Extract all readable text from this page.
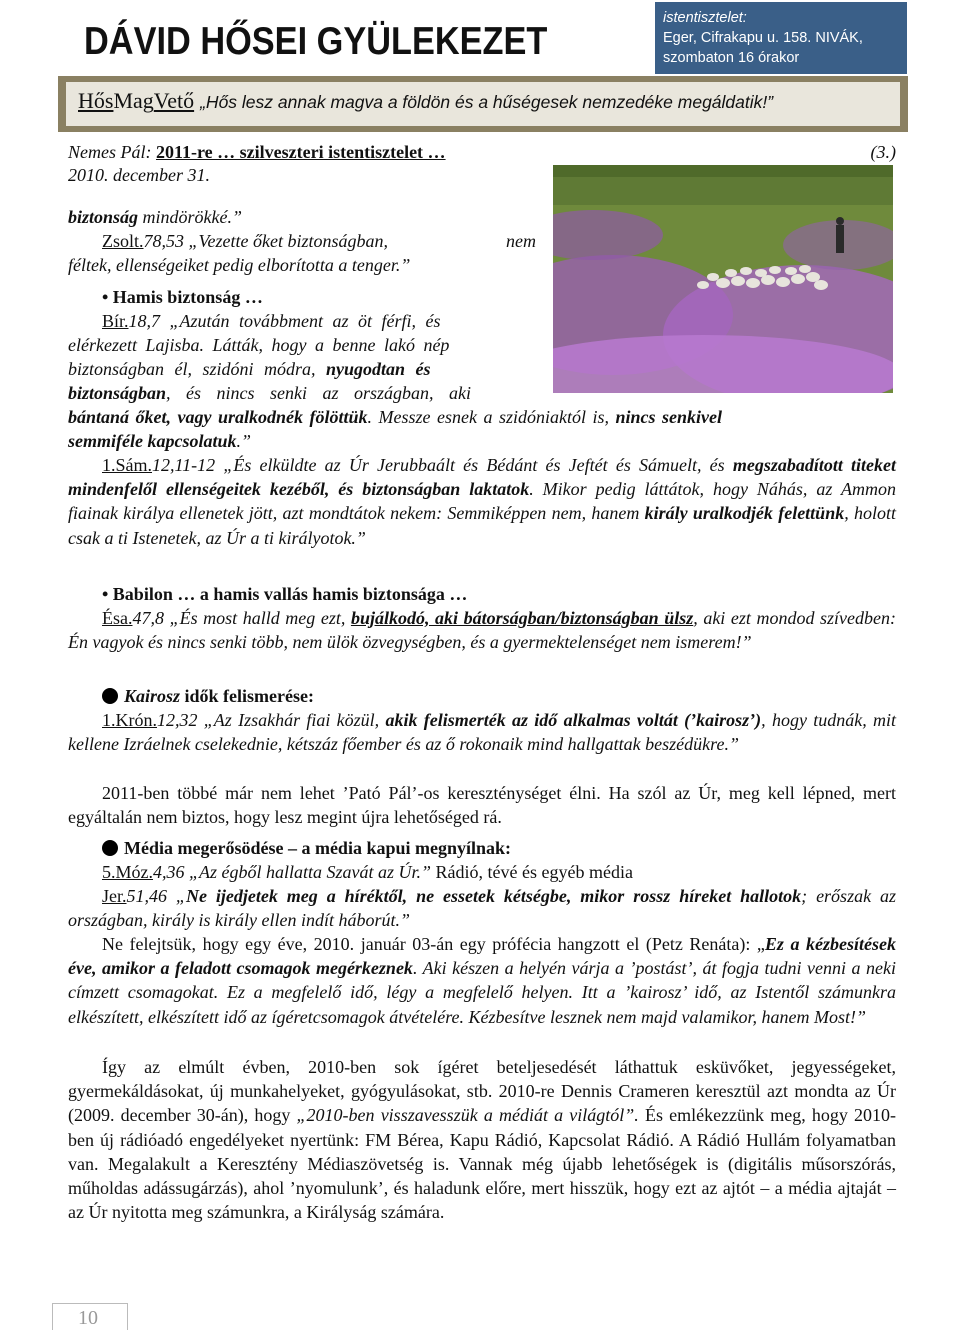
DÁVID HŐSEI GYÜLEKEZET
istentisztelet:
Eger, Cifrakapu u. 158. NIVÁK,
szombaton 16 órakor
HősMagVető „Hős lesz annak magva a földön és a hűségesek nemzedéke megáldatik!”
Nemes Pál: 2011-re … szilveszteri istentisztelet …	(3.)
2010. december 31.
biztonság mindörökké.”
Zsolt.78,53 „Vezette őket biztonságban,	nem
féltek, ellenségeiket pedig elborította a tenger.”
• Hamis biztonság …
Bír.18,7 „Azután továbbment az öt férfi, és
elérkezett Lajisba. Látták, hogy a benne lakó nép
biztonságban él, szidóni módra, nyugodtan és
biztonságban, és nincs senki az országban, aki
bántaná őket, vagy uralkodnék fölöttük. Messze esnek a szidóniaktól is, nincs senkivel
semmiféle kapcsolatuk.”
1.Sám.12,11-12 „És elküldte az Úr Jerubbaált és Bédánt és Jeftét és Sámuelt, és megszabadított titeket mindenfelől ellenségeitek kezéből, és biztonságban laktatok. Mikor pedig láttátok, hogy Náhás, az Ammon fiainak királya ellenetek jött, azt mondtátok nekem: Semmiképpen nem, hanem király uralkodjék felettünk, holott csak a ti Istenetek, az Úr a ti királyotok.”
• Babilon … a hamis vallás hamis biztonsága …
Ésa.47,8 „És most halld meg ezt, bujálkodó, aki bátorságban/biztonságban ülsz, aki ezt mondod szívedben: Én vagyok és nincs senki több, nem ülök özvegységben, és a gyermektelenséget nem ismerem!”
Kairosz idők felismerése:
1.Krón.12,32 „Az Izsakhár fiai közül, akik felismerték az idő alkalmas voltát (’kairosz’), hogy tudnák, mit kellene Izráelnek cselekednie, kétszáz főember és az ő rokonaik mind hallgattak beszédükre.”
2011-ben többé már nem lehet ’Pató Pál’-os kereszténységet élni. Ha szól az Úr, meg kell lépned, mert egyáltalán nem biztos, hogy lesz megint újra lehetőséged rá.
Média megerősödése – a média kapui megnyílnak:
5.Móz.4,36 „Az égből hallatta Szavát az Úr.” Rádió, tévé és egyéb média
Jer.51,46 „Ne ijedjetek meg a híréktől, ne essetek kétségbe, mikor rossz híreket hallotok; erőszak az országban, király is király ellen indít háborút.”
Ne felejtsük, hogy egy éve, 2010. január 03-án egy prófécia hangzott el (Petz Renáta): „Ez a kézbesítések éve, amikor a feladott csomagok megérkeznek. Aki készen a helyén várja a ’postást’, át fogja tudni venni a neki címzett csomagokat. Ez a megfelelő idő, légy a megfelelő helyen. Itt a ’kairosz’ idő, az Istentől számunkra elkészített, elkészített idő az ígéretcsomagok átvételére. Kézbesítve lesznek nem majd valamikor, hanem Most!”
Így az elmúlt évben, 2010-ben sok ígéret beteljesedését láthattuk esküvőket, jegyességeket, gyermekáldásokat, új munkahelyeket, gyógyulásokat, stb. 2010-re Dennis Crameren keresztül azt mondta az Úr (2009. december 30-án), hogy „2010-ben visszavesszük a médiát a világtól”. És emlékezzünk meg, hogy 2010-ben új rádióadó engedélyeket nyertünk: FM Bérea, Kapu Rádió, Kapcsolat Rádió. A Rádió Hullám folyamatban van. Megalakult a Keresztény Médiaszövetség is. Vannak még újabb lehetőségek is (digitális műsorszórás, műholdas adássugárzás), ahol ’nyomulunk’, és haladunk előre, mert hisszük, hogy ezt az ajtót – a média ajtaját – az Úr nyitotta meg számunkra, a Királyság számára.
10
